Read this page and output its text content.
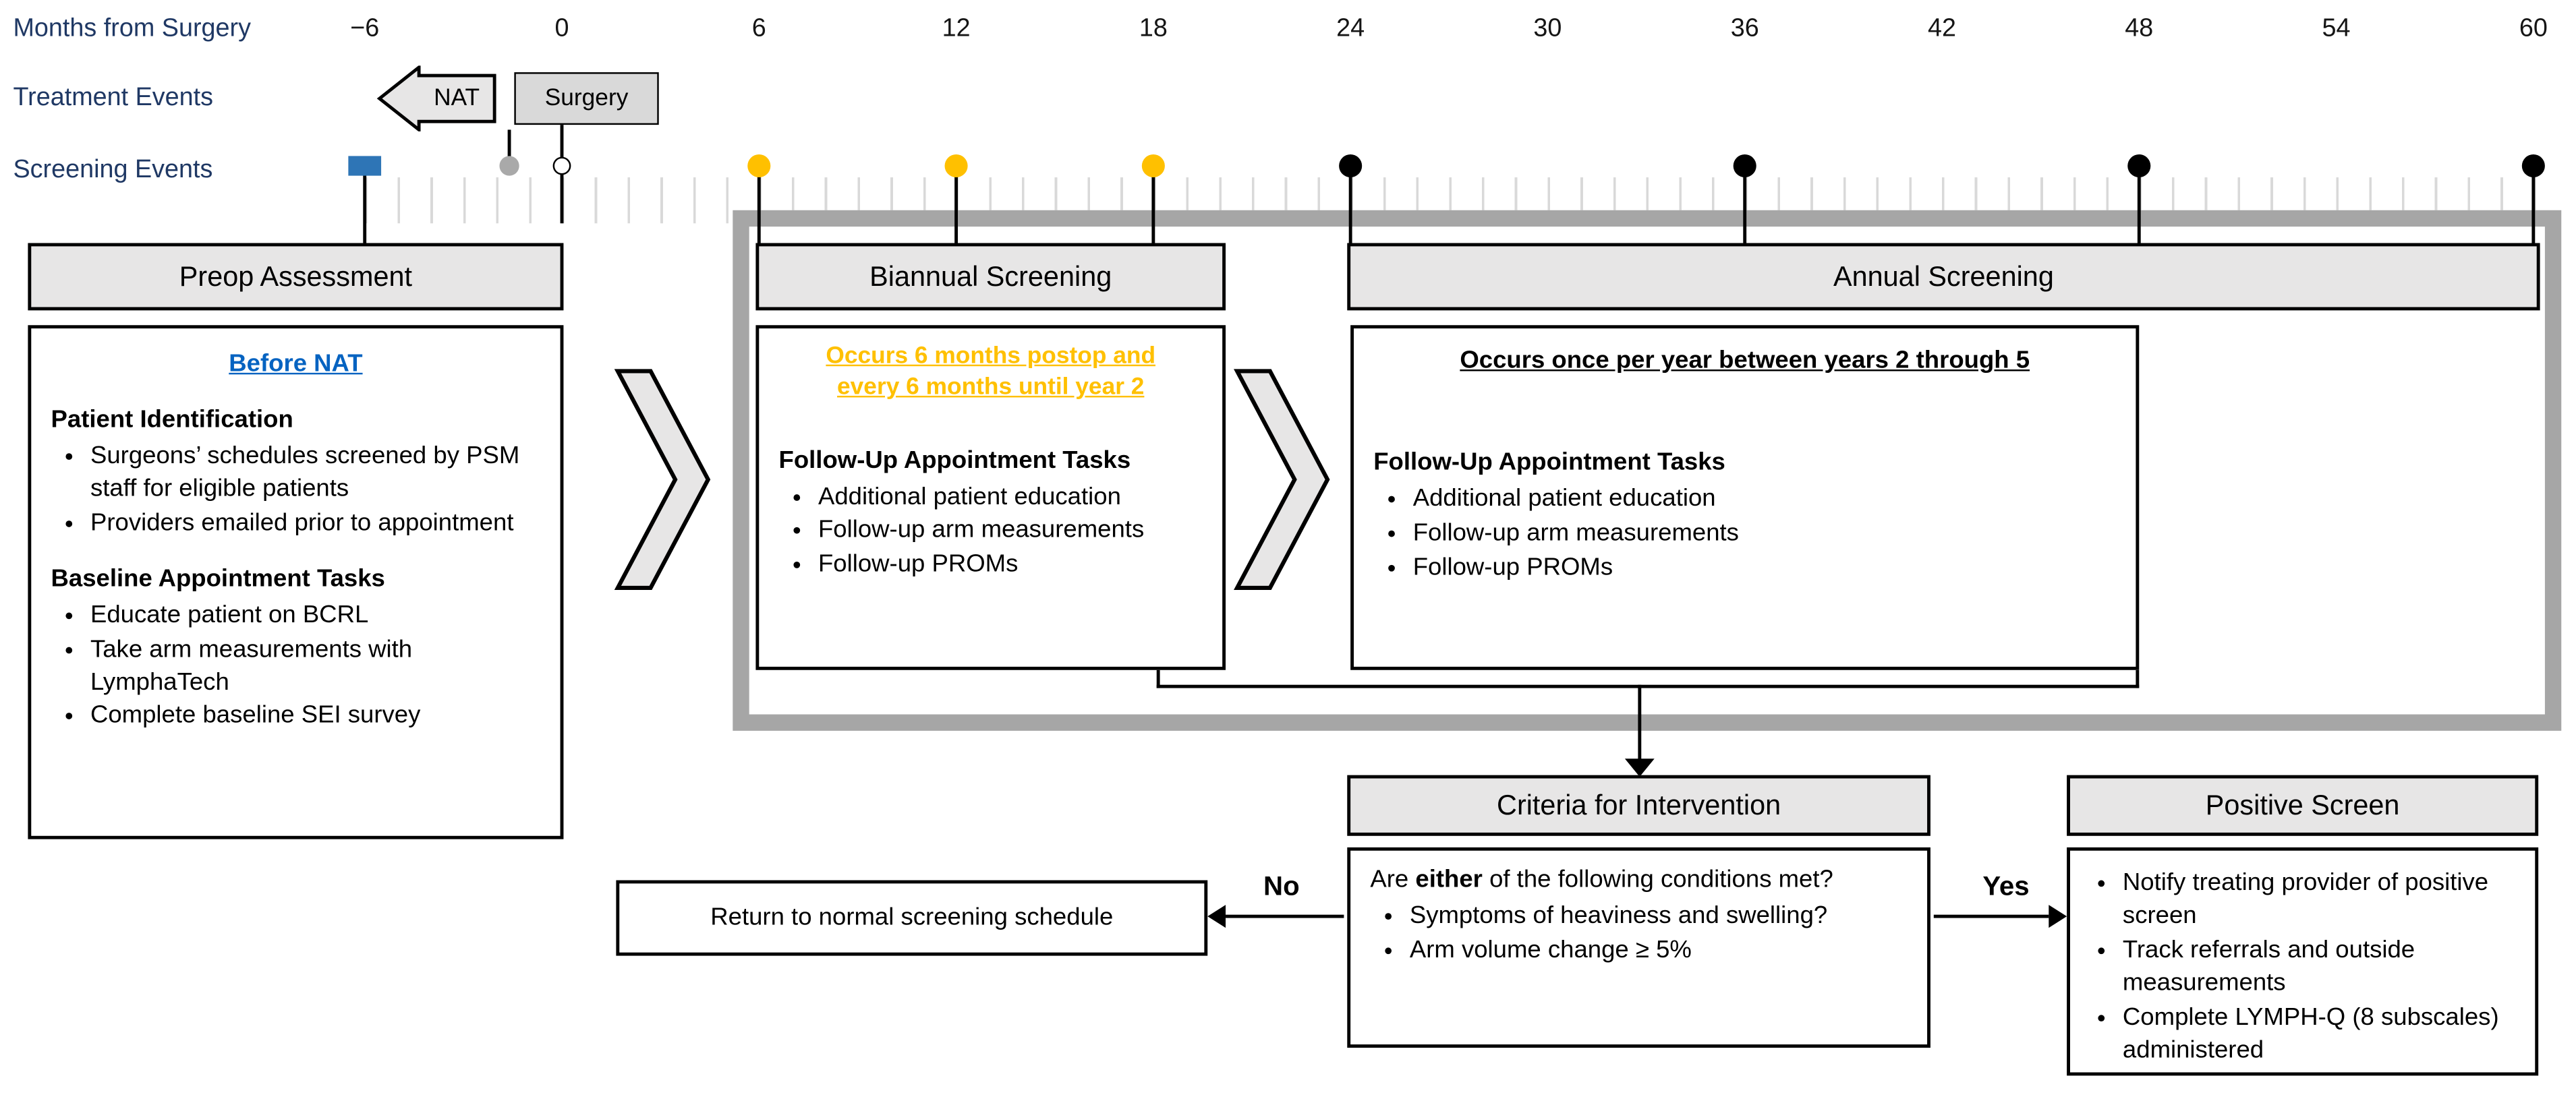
Months from Surgery
Treatment Events
Screening Events
−6	0	6	12	18	24	30	36	42	48	54	60
NAT	Surgery
Preop Assessment
Before NAT
Patient Identification
• Surgeons’ schedules screened by PSM staff for eligible patients
• Providers emailed prior to appointment
Baseline Appointment Tasks
• Educate patient on BCRL
• Take arm measurements with LymphaTech
• Complete baseline SEI survey
Biannual Screening
Occurs 6 months postop and every 6 months until year 2
Follow-Up Appointment Tasks
• Additional patient education
• Follow-up arm measurements
• Follow-up PROMs
Annual Screening
Occurs once per year between years 2 through 5
Follow-Up Appointment Tasks
• Additional patient education
• Follow-up arm measurements
• Follow-up PROMs
Criteria for Intervention
Are either of the following conditions met?
• Symptoms of heaviness and swelling?
• Arm volume change ≥ 5%
No
Return to normal screening schedule
Yes
Positive Screen
• Notify treating provider of positive screen
• Track referrals and outside measurements
• Complete LYMPH-Q (8 subscales) administered
